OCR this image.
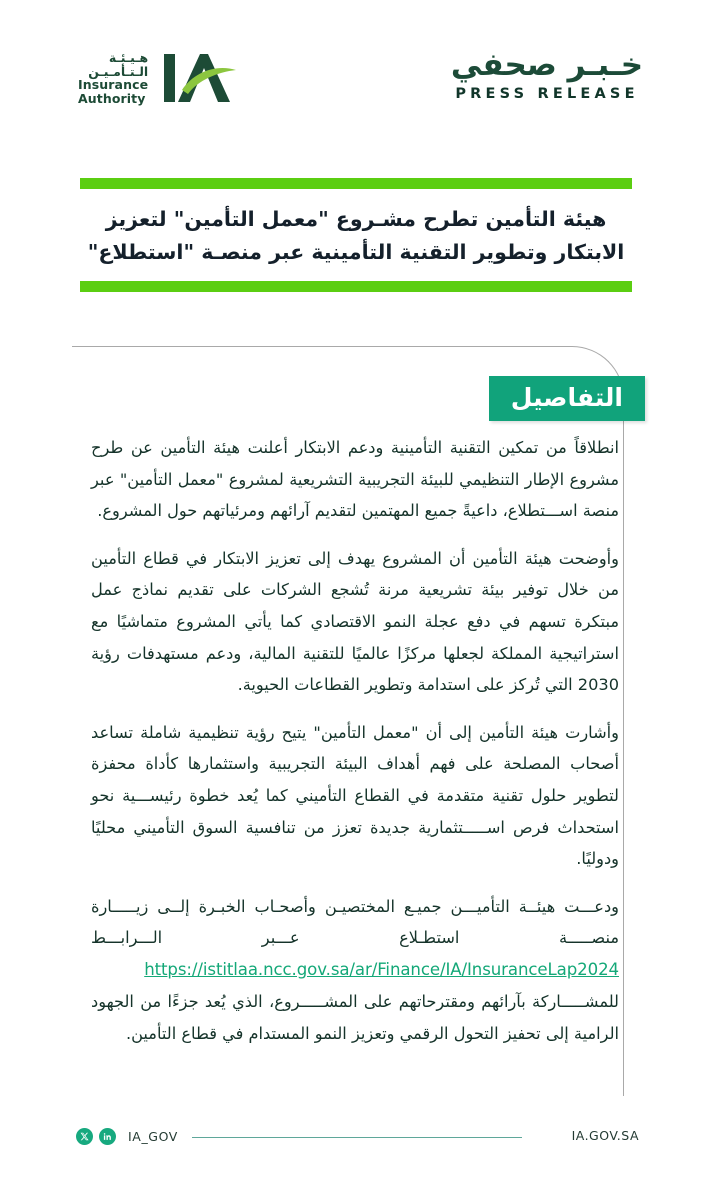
هـيـئـة
الـتـأمـيـن
Insurance
Authority
خـبـر صحفي
PRESS RELEASE
هيئة التأمين تطرح مشـروع "معمل التأمين" لتعزيز الابتكار وتطوير التقنية التأمينية عبر منصـة "استطلاع"
التفاصيل

انطلاقاً من تمكين التقنية التأمينية ودعم الابتكار أعلنت هيئة التأمين عن طرح مشروع الإطار التنظيمي للبيئة التجريبية التشريعية لمشروع "معمل التأمين" عبر منصة اســـتطلاع، داعيةً جميع المهتمين لتقديم آرائهم ومرئياتهم حول المشروع.

وأوضحت هيئة التأمين أن المشروع يهدف إلى تعزيز الابتكار في قطاع التأمين من خلال توفير بيئة تشريعية مرنة تُشجع الشركات على تقديم نماذج عمل مبتكرة تسهم في دفع عجلة النمو الاقتصادي كما يأتي المشروع متماشيًا مع استراتيجية المملكة لجعلها مركزًا عالميًا للتقنية المالية، ودعم مستهدفات رؤية 2030 التي تُركز على استدامة وتطوير القطاعات الحيوية.

وأشارت هيئة التأمين إلى أن "معمل التأمين" يتيح رؤية تنظيمية شاملة تساعد أصحاب المصلحة على فهم أهداف البيئة التجريبية واستثمارها كأداة محفزة لتطوير حلول تقنية متقدمة في القطاع التأميني كما يُعد خطوة رئيســـية نحو استحداث فرص اســـــتثمارية جديدة تعزز من تنافسية السوق التأميني محليًا ودوليًا.

ودعـــت هيئــة التأميـــن جميـع المختصيـن وأصحـاب الخبـرة إلــى زيـــــارة منصـــــة استطـلاع عـــبر الـــرابـــط https://istitlaa.ncc.gov.sa/ar/Finance/IA/InsuranceLap2024 للمشـــــاركة بآرائهم ومقترحاتهم على المشـــــروع، الذي يُعد جزءًا من الجهود الرامية إلى تحفيز التحول الرقمي وتعزيز النمو المستدام في قطاع التأمين.

IA_GOV	IA.GOV.SA
